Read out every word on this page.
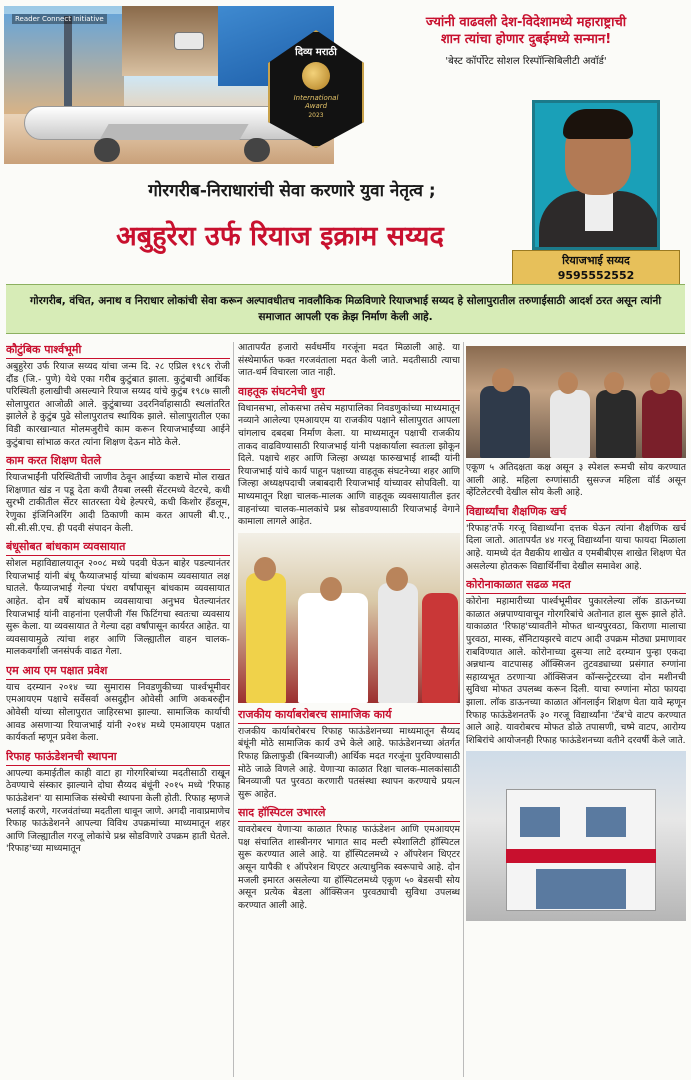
Reader Connect Initiative
दिव्य मराठी
International
Award
2023
ज्यांनी वाढवली देश-विदेशामध्ये महाराष्ट्राची
शान त्यांचा होणार दुबईमध्ये सन्मान!
'बेस्ट कॉर्पोरेट सोशल रिस्पॉन्सिबिलीटी अवॉर्ड'
रियाजभाई सय्यद
9595552552
गोरगरीब-निराधारांची सेवा करणारे युवा नेतृत्व ;
अबुहुरेरा उर्फ रियाज इक्राम सय्यद
गोरगरीब, वंचित, अनाथ व निराधार लोकांची सेवा करून अल्पावधीतच नावलौकिक मिळविणारे रियाजभाई सय्यद हे सोलापुरातील तरुणाईसाठी आदर्श ठरत असून त्यांनी समाजात आपली एक क्रेझ निर्माण केली आहे.
कौटुंबिक पार्श्वभूमी
अबुहुरेरा उर्फ रियाज सय्यद यांचा जन्म दि. २८ एप्रिल १९८९ रोजी दौंड (जि.- पुणे) येथे एका गरीब कुटुंबात झाला. कुटुंबाची आर्थिक परिस्थिती हलाखीची असल्याने रियाज सय्यद यांचे कुटुंब १९८७ साली सोलापुरात आजोळी आले. कुटुंबाच्या उदरनिर्वाहासाठी स्थलांतरित झालेले हे कुटुंब पुढे सोलापुरातच स्थायिक झाले. सोलापुरातील एका विडी कारखान्यात मोलमजुरीचे काम करून रियाजभाईंच्या आईने कुटुंबाचा सांभाळ करत त्यांना शिक्षण देऊन मोठे केले.
काम करत शिक्षण घेतले
रियाजभाईंनी परिस्थितीची जाणीव ठेवून आईच्या कष्टाचे मोल राखत शिक्षणात खंड न पडू देता कधी तैयबा लस्सी सेंटरमध्ये वेटरचे, कधी सुरभी टाकीतील सेंटर सातरस्ता येथे हेल्परचे, कधी किशोर हँडलूम, रेणुका इंजिनिअरिंग आदी ठिकाणी काम करत आपली बी.ए., सी.सी.सी.एच. ही पदवी संपादन केली.
बंधूसोबत बांधकाम व्यवसायात
सोशल महाविद्यालयातून २००८ मध्ये पदवी घेऊन बाहेर पडल्यानंतर रियाजभाई यांनी बंधू फैय्याजभाई यांच्या बांधकाम व्यवसायात लक्ष घातले. फैय्याजभाई गेल्या पंधरा वर्षांपासून बांधकाम व्यवसायात आहेत. दोन वर्षे बांधकाम व्यवसायाचा अनुभव घेतल्यानंतर रियाजभाई यांनी वाहनांना एलपीजी गॅस फिटिंगचा स्वतःचा व्यवसाय सुरू केला. या व्यवसायात ते गेल्या दहा वर्षांपासून कार्यरत आहेत. या व्यवसायामुळे त्यांचा शहर आणि जिल्ह्यातील वाहन चालक-मालकवर्गाशी जनसंपर्क वाढत गेला.
एम आय एम पक्षात प्रवेश
याच दरम्यान २०१४ च्या सुमारास निवडणुकीच्या पार्श्वभूमीवर एमआयएम पक्षाचे सर्वेसर्वा असदुद्दीन ओवेसी आणि अकबरुद्दीन ओवेसी यांच्या सोलापुरात जाहिरसभा झाल्या. सामाजिक कार्याची आवड असणाऱ्या रियाजभाई यांनी २०१४ मध्ये एमआयएम पक्षात कार्यकर्ता म्हणून प्रवेश केला.
रिफाह फाऊंडेशनची स्थापना
आपल्या कमाईतील काही वाटा हा गोरगरिबांच्या मदतीसाठी राखून ठेवण्याचे संस्कार झाल्याने दोघा सैय्यद बंधूंनी २०१५ मध्ये 'रिफाह फाऊंडेशन' या सामाजिक संस्थेची स्थापना केली होती. रिफाह म्हणजे भलाई करणे, गरजवंतांच्या मदतीला धावून जाणे. अगदी नावाप्रमाणेच रिफाह फाऊंडेशनने आपल्या विविध उपक्रमांच्या माध्यमातून शहर आणि जिल्ह्यातील गरजू लोकांचे प्रश्न सोडविणारे उपक्रम हाती घेतले. 'रिफाह'च्या माध्यमातून
आतापर्यंत हजारो सर्वधर्मीय गरजूंना मदत मिळाली आहे. या संस्थेमार्फत फक्त गरजवंताला मदत केली जाते. मदतीसाठी त्याचा जात-धर्म विचारला जात नाही.
वाहतूक संघटनेची धुरा
विधानसभा, लोकसभा तसेच महापालिका निवडणुकांच्या माध्यमातून नव्याने आलेल्या एमआयएम या राजकीय पक्षाने सोलापुरात आपला चांगलाच दबदबा निर्माण केला. या माध्यमातून पक्षाची राजकीय ताकद वाढविण्यासाठी रियाजभाई यांनी पक्षकार्याला स्वतःला झोकून दिले. पक्षाचे शहर आणि जिल्हा अध्यक्ष फारुखभाई शाब्दी यांनी रियाजभाई यांचे कार्य पाहून पक्षाच्या वाहतूक संघटनेच्या शहर आणि जिल्हा अध्यक्षपदाची जबाबदारी रियाजभाई यांच्यावर सोपविली. या माध्यमातून रिक्षा चालक-मालक आणि वाहतूक व्यवसायातील इतर वाहनांच्या चालक-मालकांचे प्रश्न सोडवण्यासाठी रियाजभाई वेगाने कामाला लागले आहेत.
राजकीय कार्याबरोबरच सामाजिक कार्य
राजकीय कार्याबरोबरच रिफाह फाऊंडेशनच्या माध्यमातून सैय्यद बंधूंनी मोठे सामाजिक कार्य उभे केले आहे. फाऊंडेशनच्या अंतर्गत रिफाह क्रिलाफुडी (बिनव्याजी) आर्थिक मदत गरजूंना पुरविण्यासाठी मोठे जाळे विणले आहे. येणाऱ्या काळात रिक्षा चालक-मालकांसाठी बिनव्याजी पत पुरवठा करणारी पतसंस्था स्थापन करण्याचे प्रयत्न सुरू आहेत.
साद हॉस्पिटल उभारले
यावरोबरच येणाऱ्या काळात रिफाह फाऊंडेशन आणि एमआयएम पक्ष संचालित शास्त्रीनगर भागात साद मल्टी स्पेशालिटी हॉस्पिटल सुरू करण्यात आले आहे. या हॉस्पिटलमध्ये २ ऑपरेशन थिएटर असून यापैकी १ ऑपरेशन थिएटर अत्याधुनिक स्वरूपाचे आहे. दोन मजली इमारत असलेल्या या हॉस्पिटलमध्ये एकूण ५० बेडसची सोय असून प्रत्येक बेडला ऑक्सिजन पुरवठ्याची सुविधा उपलब्ध करण्यात आली आहे.
एकूण ५ अतिदक्षता कक्ष असून ३ स्पेशल रूमची सोय करण्यात आली आहे. महिला रुग्णांसाठी सुसज्ज महिला वॉर्ड असून व्हेंटिलेटरची देखील सोय केली आहे.
विद्यार्थ्यांचा शैक्षणिक खर्च
'रिफाह'तर्फे गरजू विद्यार्थ्यांना दत्तक घेऊन त्यांना शैक्षणिक खर्च दिला जातो. आतापर्यंत ४४ गरजू विद्यार्थ्यांना याचा फायदा मिळाला आहे. यामध्ये दंत वैद्यकीय शाखेत व एमबीबीएस शाखेत शिक्षण घेत असलेल्या होतकरू विद्यार्थिनींचा देखील समावेश आहे.
कोरोनाकाळात सढळ मदत
कोरोना महामारीच्या पार्श्वभूमीवर पुकारलेल्या लॉक डाऊनच्या काळात अन्नपाण्यावाचून गोरगरिबांचे अतोनात हाल सुरू झाले होते. याकाळात 'रिफाह'च्यावतीने मोफत धान्यपुरवठा, किराणा मालाचा पुरवठा, मास्क, सॅनिटायझरचे वाटप आदी उपक्रम मोठ्या प्रमाणावर राबविण्यात आले. कोरोनाच्या दुसऱ्या लाटे दरम्यान पुन्हा एकदा अन्नधान्य वाटपासह ऑक्सिजन तुटवड्याच्या प्रसंगात रुग्णांना सहाय्यभूत ठरणाऱ्या ऑक्सिजन कॉन्सन्ट्रेटरच्या दोन मशीनची सुविधा मोफत उपलब्ध करून दिली. याचा रुग्णांना मोठा फायदा झाला. लॉक डाऊनच्या काळात ऑनलाईन शिक्षण घेता यावे म्हणून रिफाह फाऊंडेशनतर्फे ३० गरजू विद्यार्थ्यांना 'टॅब'चे वाटप करण्यात आले आहे. यावरोबरच मोफत डोळे तपासणी, चष्मे वाटप, आरोग्य शिबिरांचे आयोजनही रिफाह फाऊंडेशनच्या वतीने दरवर्षी केले जाते.
